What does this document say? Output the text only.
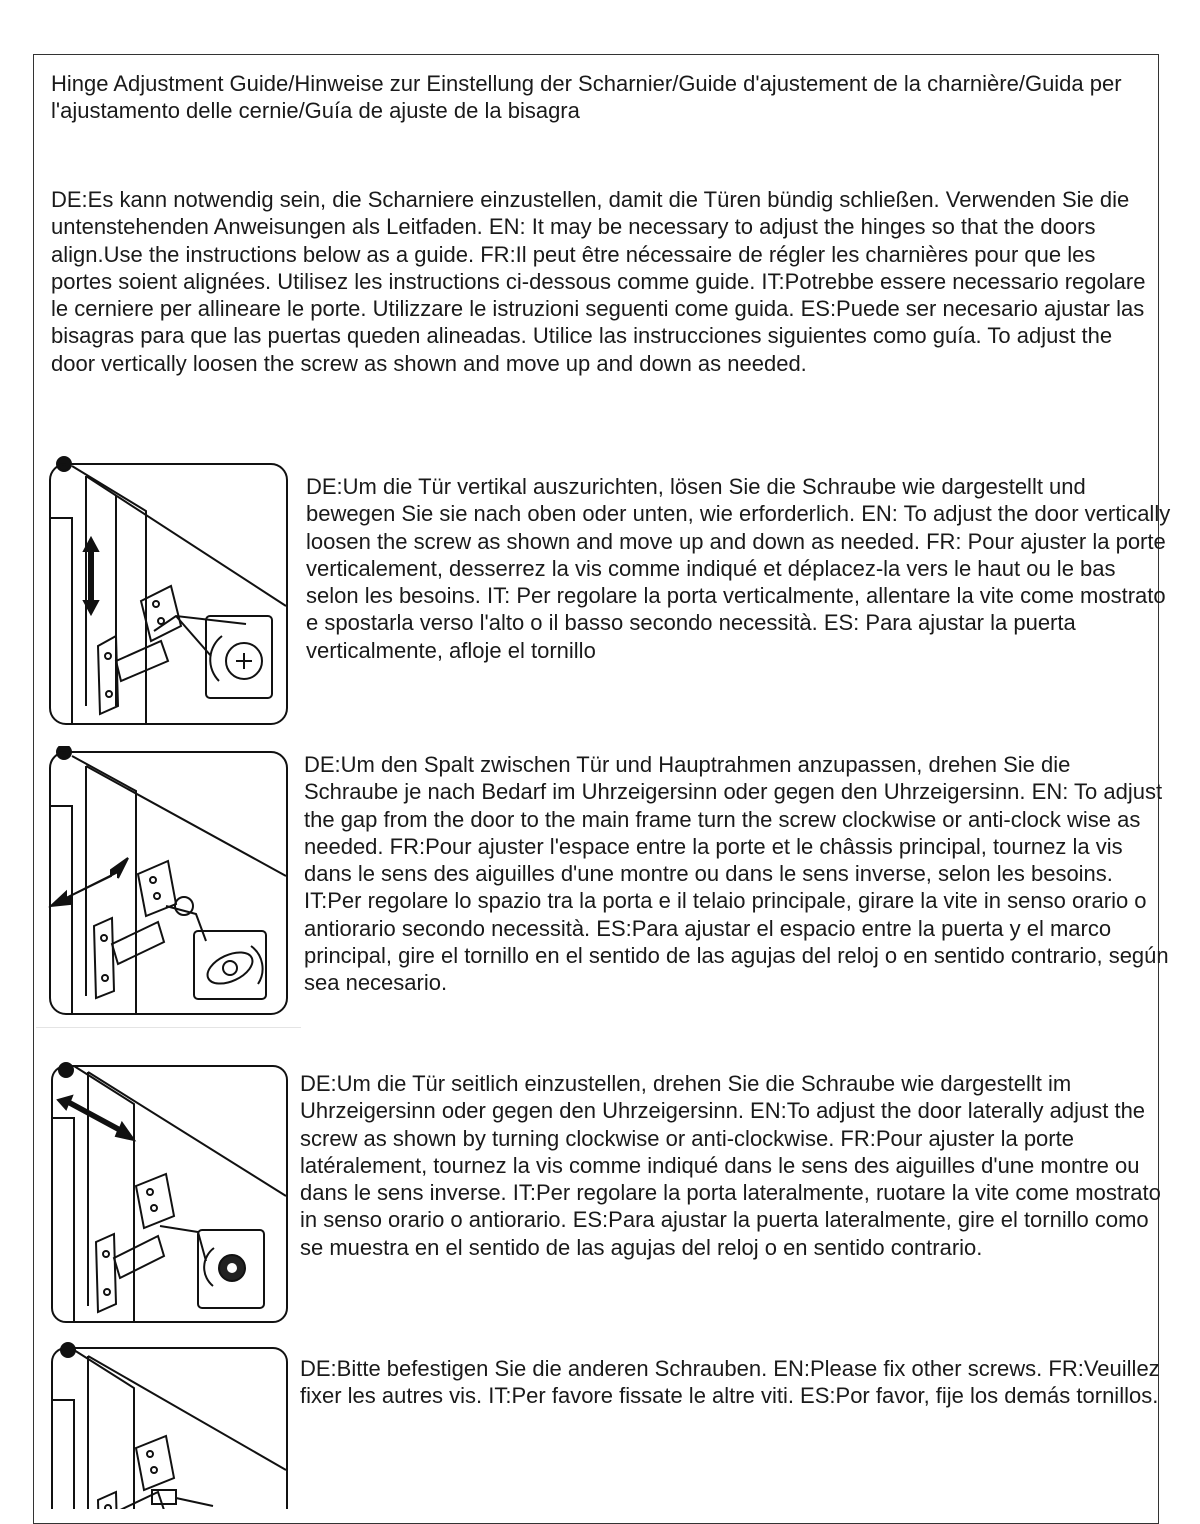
Hinge Adjustment Guide/Hinweise zur Einstellung der Scharnier/Guide d'ajustement de la charnière/Guida per l'ajustamento delle cernie/Guía de ajuste de la bisagra

DE:Es kann notwendig sein, die Scharniere einzustellen, damit die Türen bündig schließen. Verwenden Sie die untenstehenden Anweisungen als Leitfaden. EN: It may be necessary to adjust the hinges so that the doors align.Use the instructions below as a guide. FR:Il peut être nécessaire de régler les charnières pour que les portes soient alignées. Utilisez les instructions ci-dessous comme guide. IT:Potrebbe essere necessario regolare le cerniere per allineare le porte. Utilizzare le istruzioni seguenti come guida. ES:Puede ser necesario ajustar las bisagras para que las puertas queden alineadas. Utilice las instrucciones siguientes como guía. To adjust the door vertically loosen the screw as shown and move up and down as needed.

DE:Um die Tür vertikal auszurichten, lösen Sie die Schraube wie dargestellt und bewegen Sie sie nach oben oder unten, wie erforderlich. EN: To adjust the door vertically loosen the screw as shown and move up and down as needed. FR: Pour ajuster la porte verticalement, desserrez la vis comme indiqué et déplacez-la vers le haut ou le bas selon les besoins. IT: Per regolare la porta verticalmente, allentare la vite come mostrato e spostarla verso l'alto o il basso secondo necessità. ES: Para ajustar la puerta verticalmente, afloje el tornillo

DE:Um den Spalt zwischen Tür und Hauptrahmen anzupassen, drehen Sie die Schraube je nach Bedarf im Uhrzeigersinn oder gegen den Uhrzeigersinn. EN: To adjust the gap from the door to the main frame turn the screw clockwise or anti-clock wise as needed. FR:Pour ajuster l'espace entre la porte et le châssis principal, tournez la vis dans le sens des aiguilles d'une montre ou dans le sens inverse, selon les besoins. IT:Per regolare lo spazio tra la porta e il telaio principale, girare la vite in senso orario o antiorario secondo necessità. ES:Para ajustar el espacio entre la puerta y el marco principal, gire el tornillo en el sentido de las agujas del reloj o en sentido contrario, según sea necesario.

DE:Um die Tür seitlich einzustellen, drehen Sie die Schraube wie dargestellt im Uhrzeigersinn oder gegen den Uhrzeigersinn. EN:To adjust the door laterally adjust the screw as shown by turning clockwise or anti-clockwise. FR:Pour ajuster la porte latéralement, tournez la vis comme indiqué dans le sens des aiguilles d'une montre ou dans le sens inverse. IT:Per regolare la porta lateralmente, ruotare la vite come mostrato in senso orario o antiorario. ES:Para ajustar la puerta lateralmente, gire el tornillo como se muestra en el sentido de las agujas del reloj o en sentido contrario.

DE:Bitte befestigen Sie die anderen Schrauben. EN:Please fix other screws. FR:Veuillez fixer les autres vis. IT:Per favore fissate le altre viti. ES:Por favor, fije los demás tornillos.
